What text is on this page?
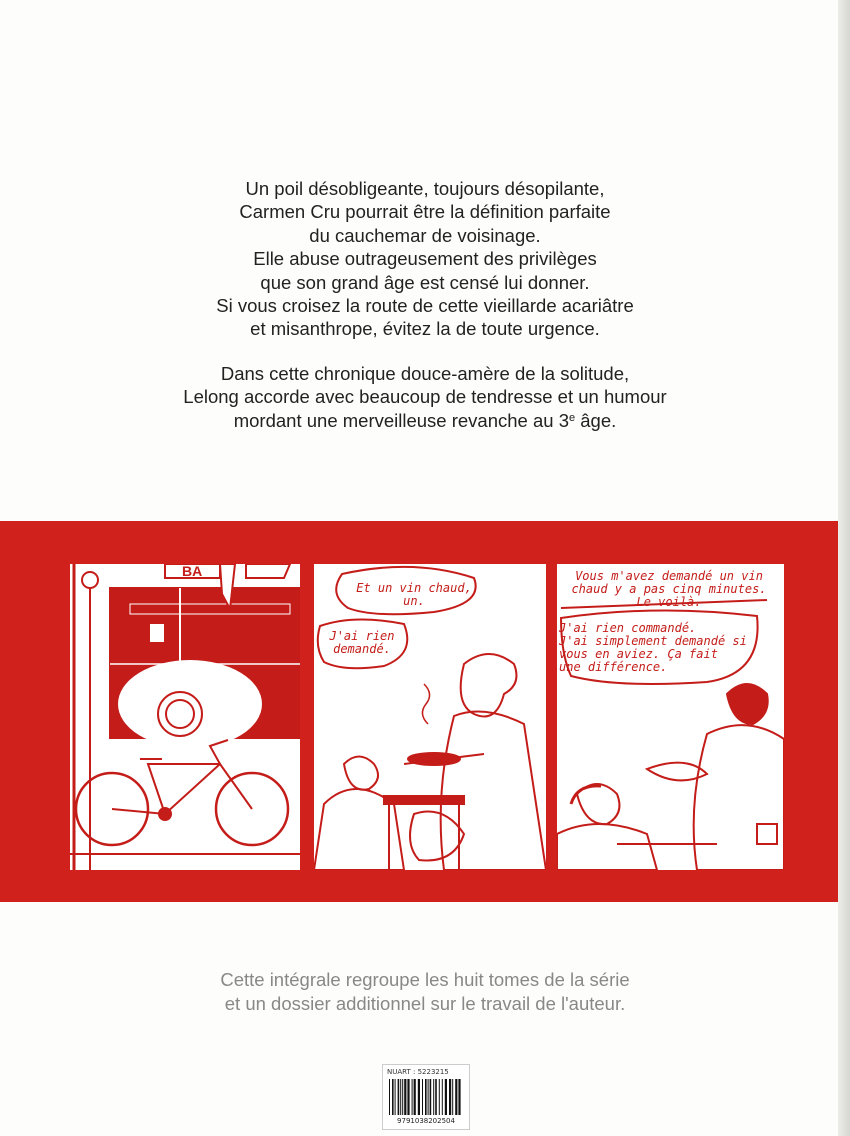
Un poil désobligeante, toujours désopilante,

Carmen Cru pourrait être la définition parfaite

du cauchemar de voisinage.

Elle abuse outrageusement des privilèges

que son grand âge est censé lui donner.

Si vous croisez la route de cette vieillarde acariâtre

et misanthrope, évitez la de toute urgence.

Dans cette chronique douce-amère de la solitude,

Lelong accorde avec beaucoup de tendresse et un humour

mordant une merveilleuse revanche au 3e âge.

BA
Et un vin chaud,
un.
J'ai rien
demandé.
Vous m'avez demandé un vin
chaud y a pas cinq minutes.
Le voilà.
J'ai rien commandé.
J'ai simplement demandé si
vous en aviez. Ça fait
une différence.

Cette intégrale regroupe les huit tomes de la série

et un dossier additionnel sur le travail de l'auteur.

NUART : 5223215
9791038202504
